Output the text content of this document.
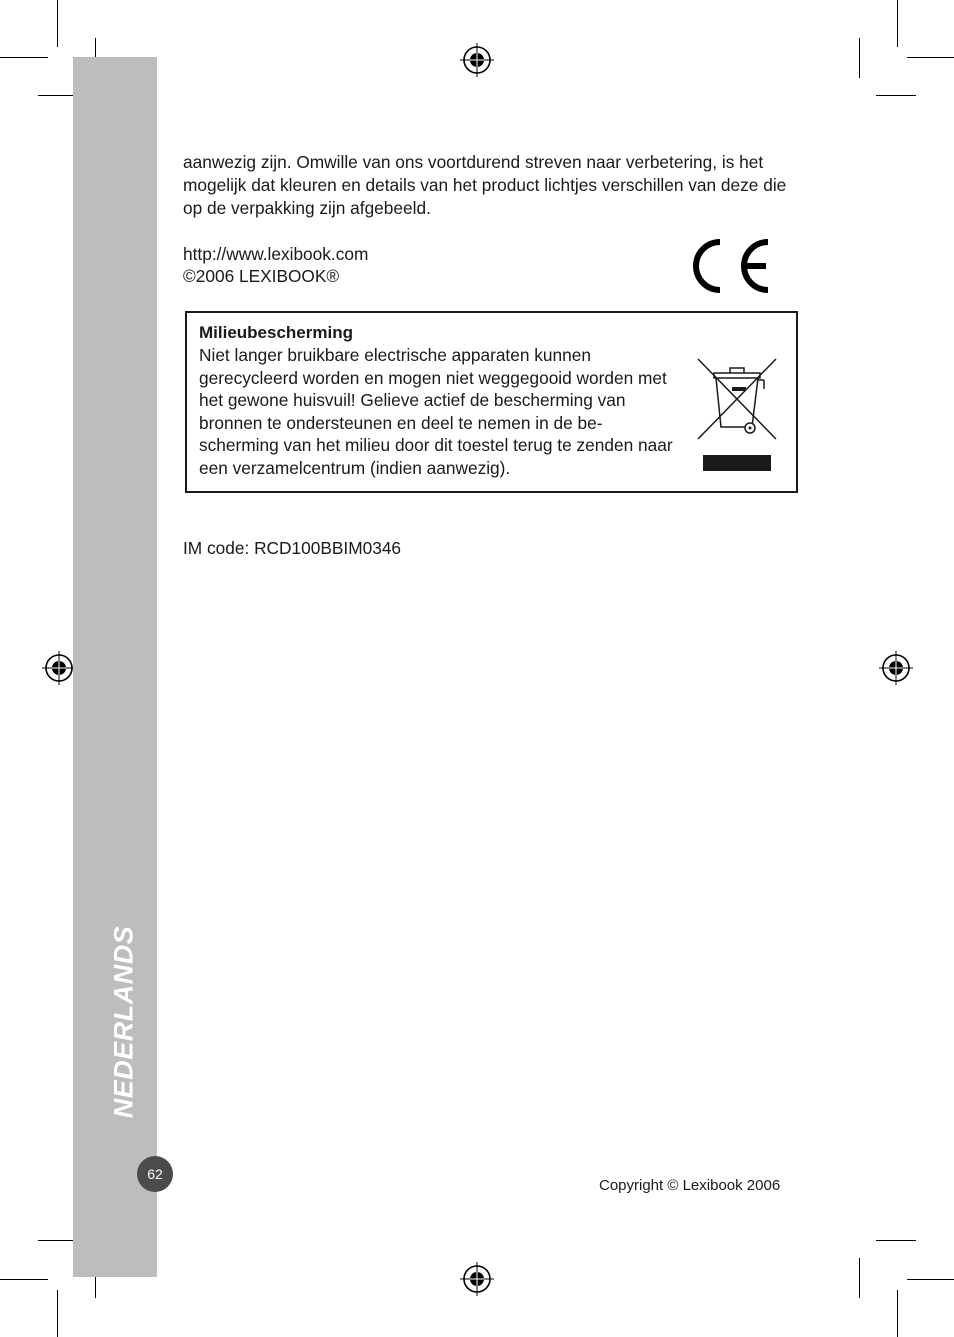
NEDERLANDS
62

aanwezig zijn. Omwille van ons voortdurend streven naar verbetering, is het mogelijk dat kleuren en details van het product lichtjes verschillen van deze die op de verpakking zijn afgebeeld.

http://www.lexibook.com
©2006 LEXIBOOK®
Milieubescherming

Niet langer bruikbare electrische apparaten kunnen gerecycleerd worden en mogen niet weggegooid worden met het gewone huisvuil! Gelieve actief de bescherming van bronnen te ondersteunen en deel te nemen in de be-scherming van het milieu door dit toestel terug te zenden naar een verzamelcentrum (indien aanwezig).

IM code: RCD100BBIM0346
Copyright © Lexibook 2006
